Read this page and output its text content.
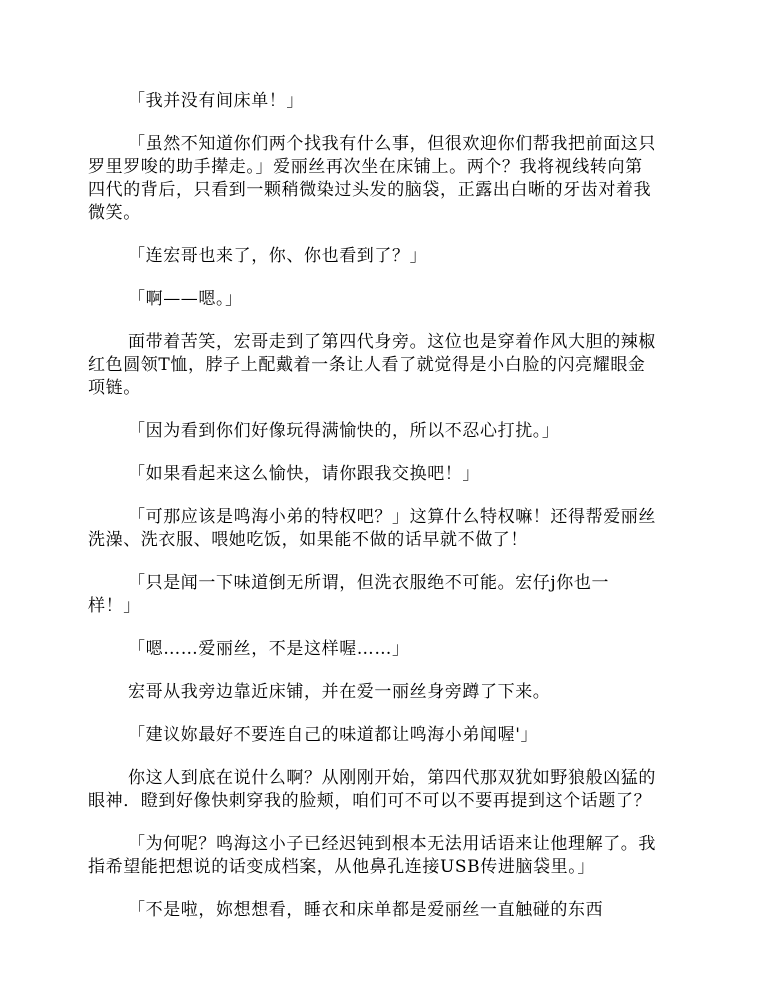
「我并没有间床单！」

「虽然不知道你们两个找我有什么事，但很欢迎你们帮我把前面这只罗里罗唆的助手撵走。」爱丽丝再次坐在床铺上。两个？我将视线转向第四代的背后，只看到一颗稍微染过头发的脑袋，正露出白晰的牙齿对着我微笑。

「连宏哥也来了，你、你也看到了？」

「啊——嗯。」

面带着苦笑，宏哥走到了第四代身旁。这位也是穿着作风大胆的辣椒红色圆领T恤，脖子上配戴着一条让人看了就觉得是小白脸的闪亮耀眼金项链。

「因为看到你们好像玩得满愉快的，所以不忍心打扰。」

「如果看起来这么愉快，请你跟我交换吧！」

「可那应该是鸣海小弟的特权吧？」这算什么特权嘛！还得帮爱丽丝洗澡、洗衣服、喂她吃饭，如果能不做的话早就不做了！

「只是闻一下味道倒无所谓，但洗衣服绝不可能。宏仔j你也一
样！」

「嗯……爱丽丝，不是这样喔……」

宏哥从我旁边靠近床铺，并在爱一丽丝身旁蹲了下来。

「建议妳最好不要连自己的味道都让鸣海小弟闻喔'」

你这人到底在说什么啊？从刚刚开始，第四代那双犹如野狼般凶猛的眼神．瞪到好像快刺穿我的脸颊，咱们可不可以不要再提到这个话题了？

「为何呢？鸣海这小子已经迟钝到根本无法用话语来让他理解了。我指希望能把想说的话变成档案，从他鼻孔连接USB传进脑袋里。」

「不是啦，妳想想看，睡衣和床单都是爱丽丝一直触碰的东西
